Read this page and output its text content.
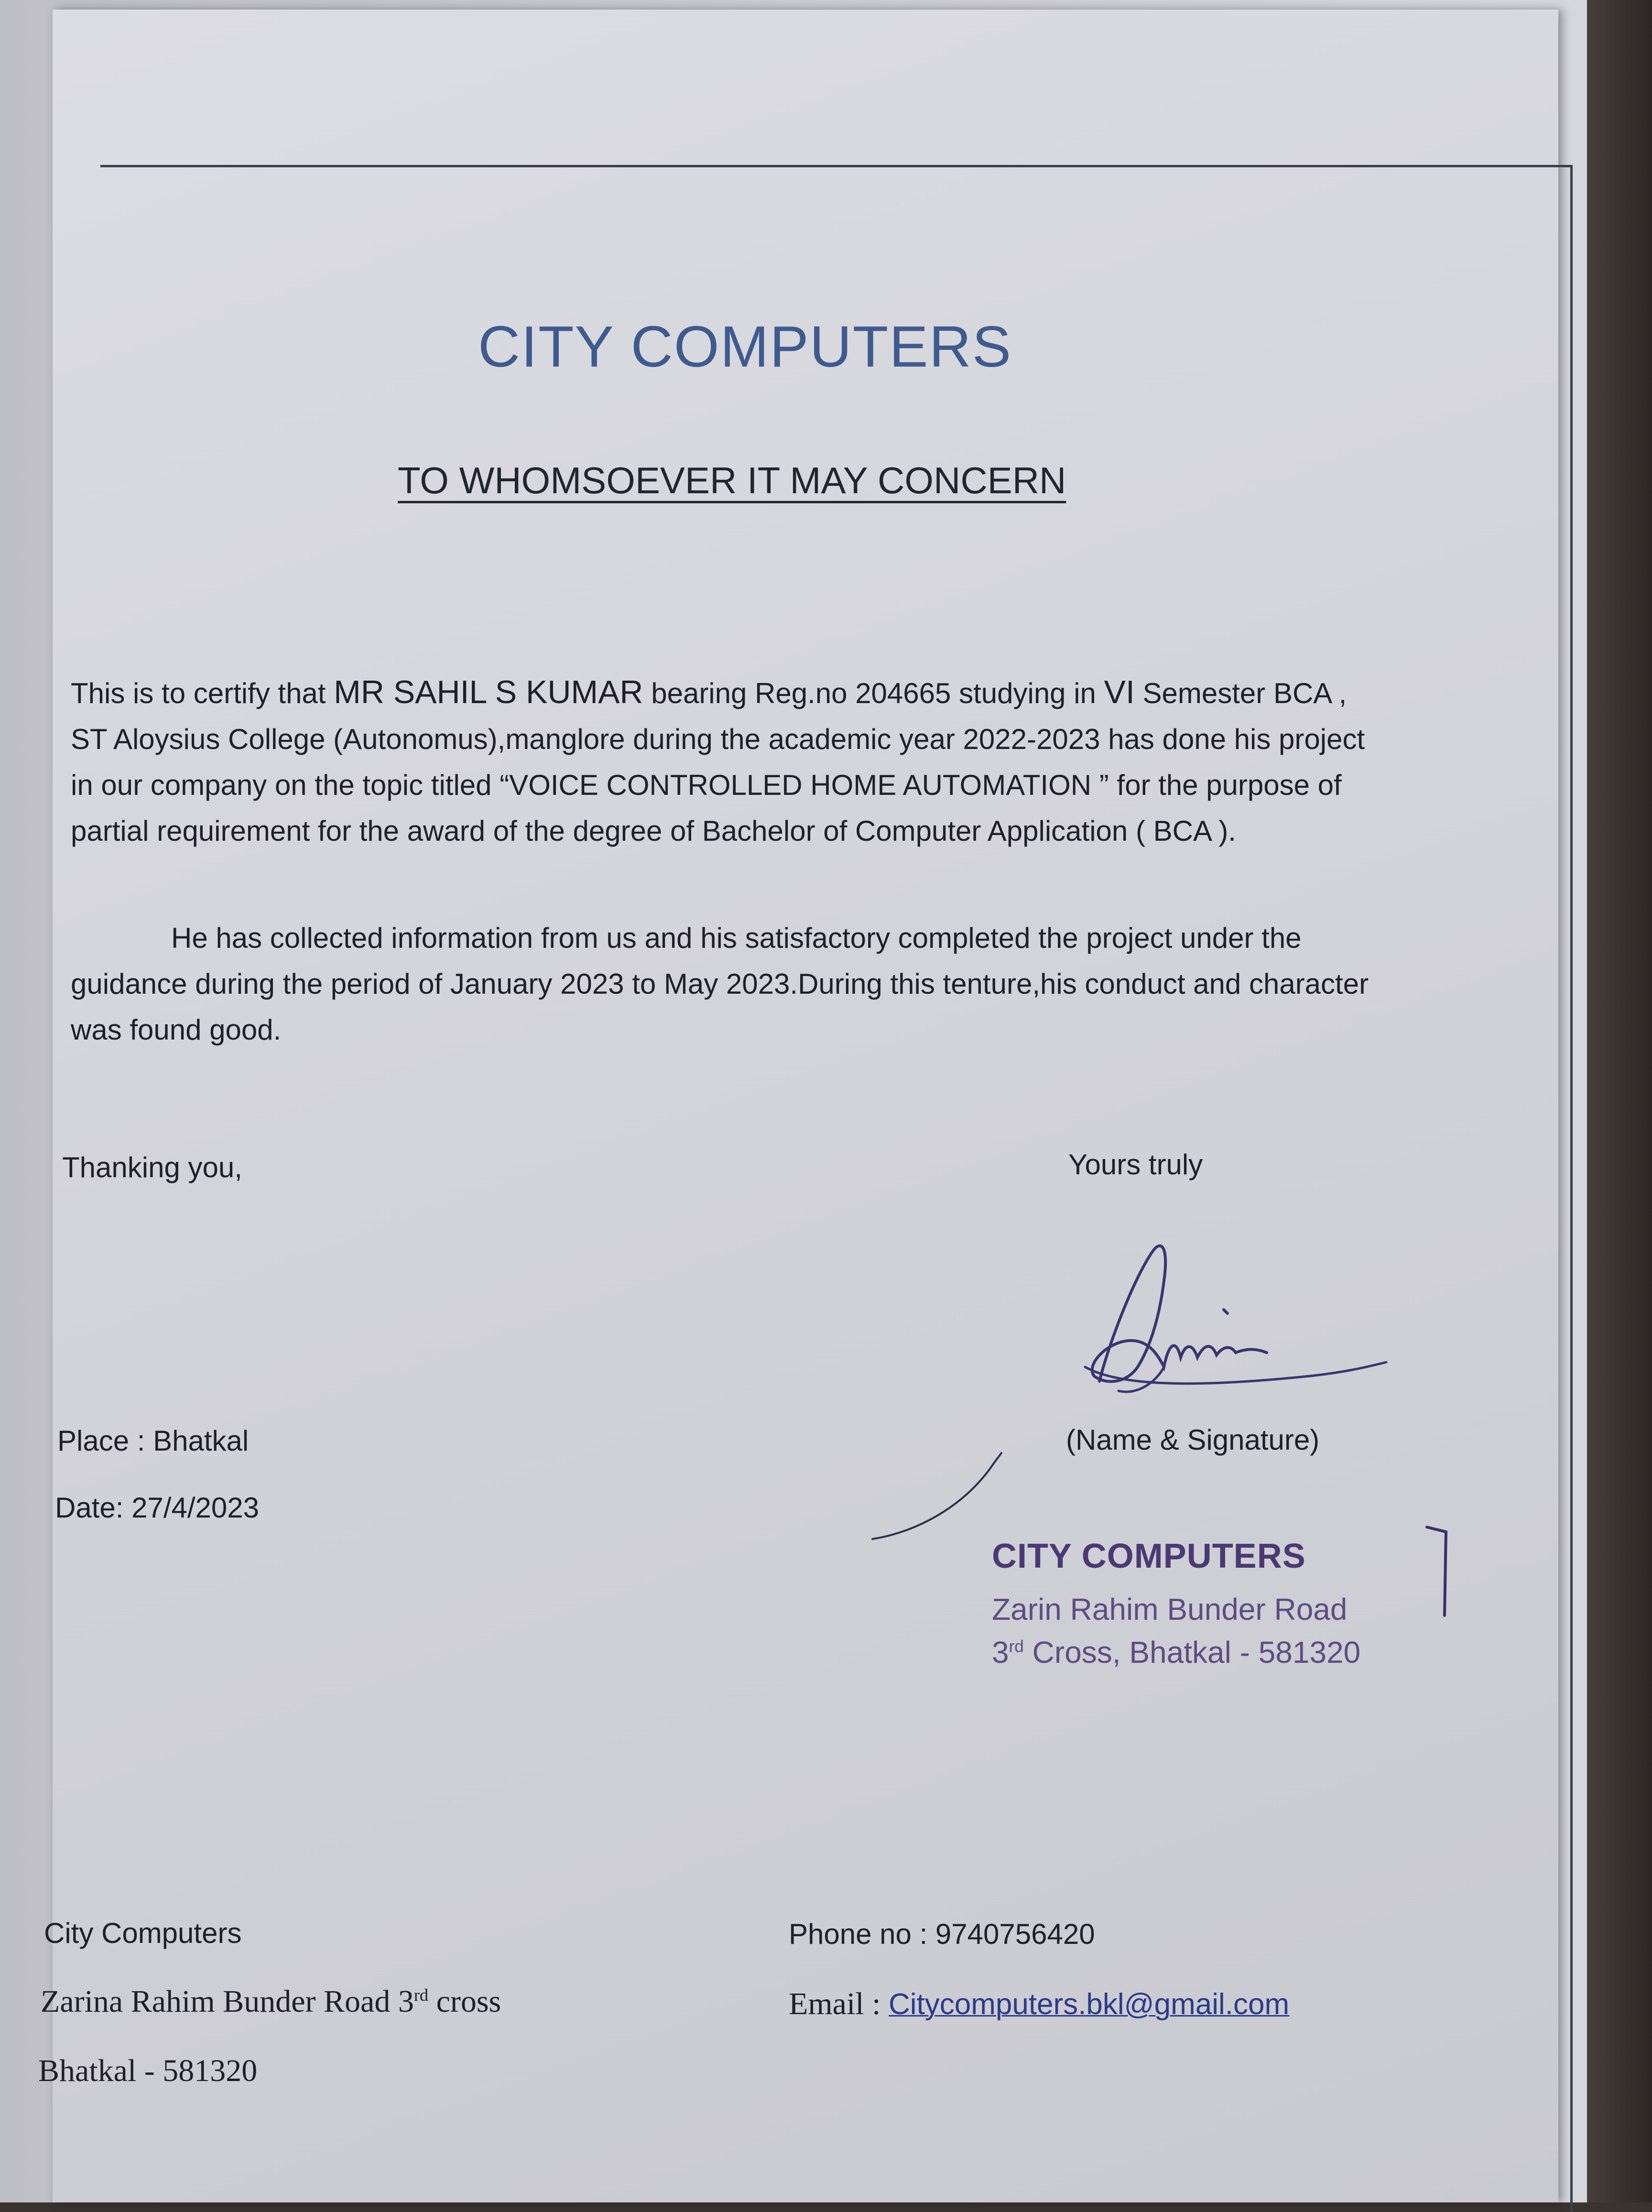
CITY COMPUTERS
TO WHOMSOEVER IT MAY CONCERN
This is to certify that MR SAHIL S KUMAR bearing Reg.no 204665 studying in VI Semester BCA , ST Aloysius College (Autonomus),manglore during the academic year 2022-2023 has done his project in our company on the topic titled “VOICE CONTROLLED HOME AUTOMATION ” for the purpose of partial requirement for the award of the degree of Bachelor of Computer Application ( BCA ).
He has collected information from us and his satisfactory completed the project under the guidance during the period of January 2023 to May 2023.During this tenture,his conduct and character was found good.
Thanking you,	Yours truly
(Name & Signature)
Place : Bhatkal
Date: 27/4/2023
CITY COMPUTERS
Zarin Rahim Bunder Road
3rd Cross, Bhatkal - 581320
City Computers
Zarina Rahim Bunder Road 3rd cross
Bhatkal - 581320
Phone no : 9740756420
Email : Citycomputers.bkl@gmail.com
